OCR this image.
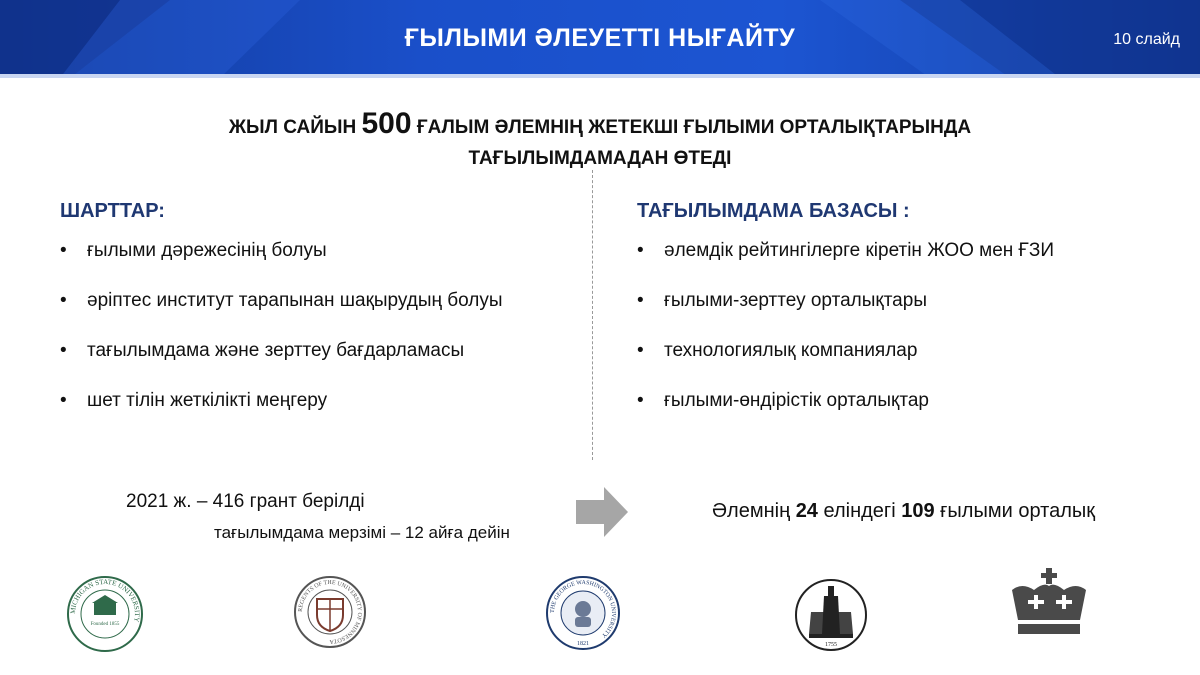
ҒЫЛЫМИ ӘЛЕУЕТТІ НЫҒАЙТУ	10 слайд
ЖЫЛ САЙЫН 500 ҒАЛЫМ ӘЛЕМНІҢ ЖЕТЕКШІ ҒЫЛЫМИ ОРТАЛЫҚТАРЫНДА
ТАҒЫЛЫМДАМАДАН ӨТЕДІ
ШАРТТАР:
• ғылыми дәрежесінің болуы
• әріптес институт тарапынан шақырудың болуы
• тағылымдама және зерттеу бағдарламасы
• шет тілін жеткілікті меңгеру
ТАҒЫЛЫМДАМА БАЗАСЫ :
• әлемдік рейтингілерге кіретін ЖОО мен ҒЗИ
• ғылыми-зерттеу орталықтары
• технологиялық компаниялар
• ғылыми-өндірістік орталықтар
2021 ж. – 416 грант берілді
тағылымдама мерзімі – 12 айға дейін
Әлемнің 24 еліндегі 109 ғылыми орталық
MICHIGAN STATE UNIVERSITY
Founded 1855
REGENTS OF THE UNIVERSITY OF MINNESOTA
THE GEORGE WASHINGTON UNIVERSITY
1821	1755
